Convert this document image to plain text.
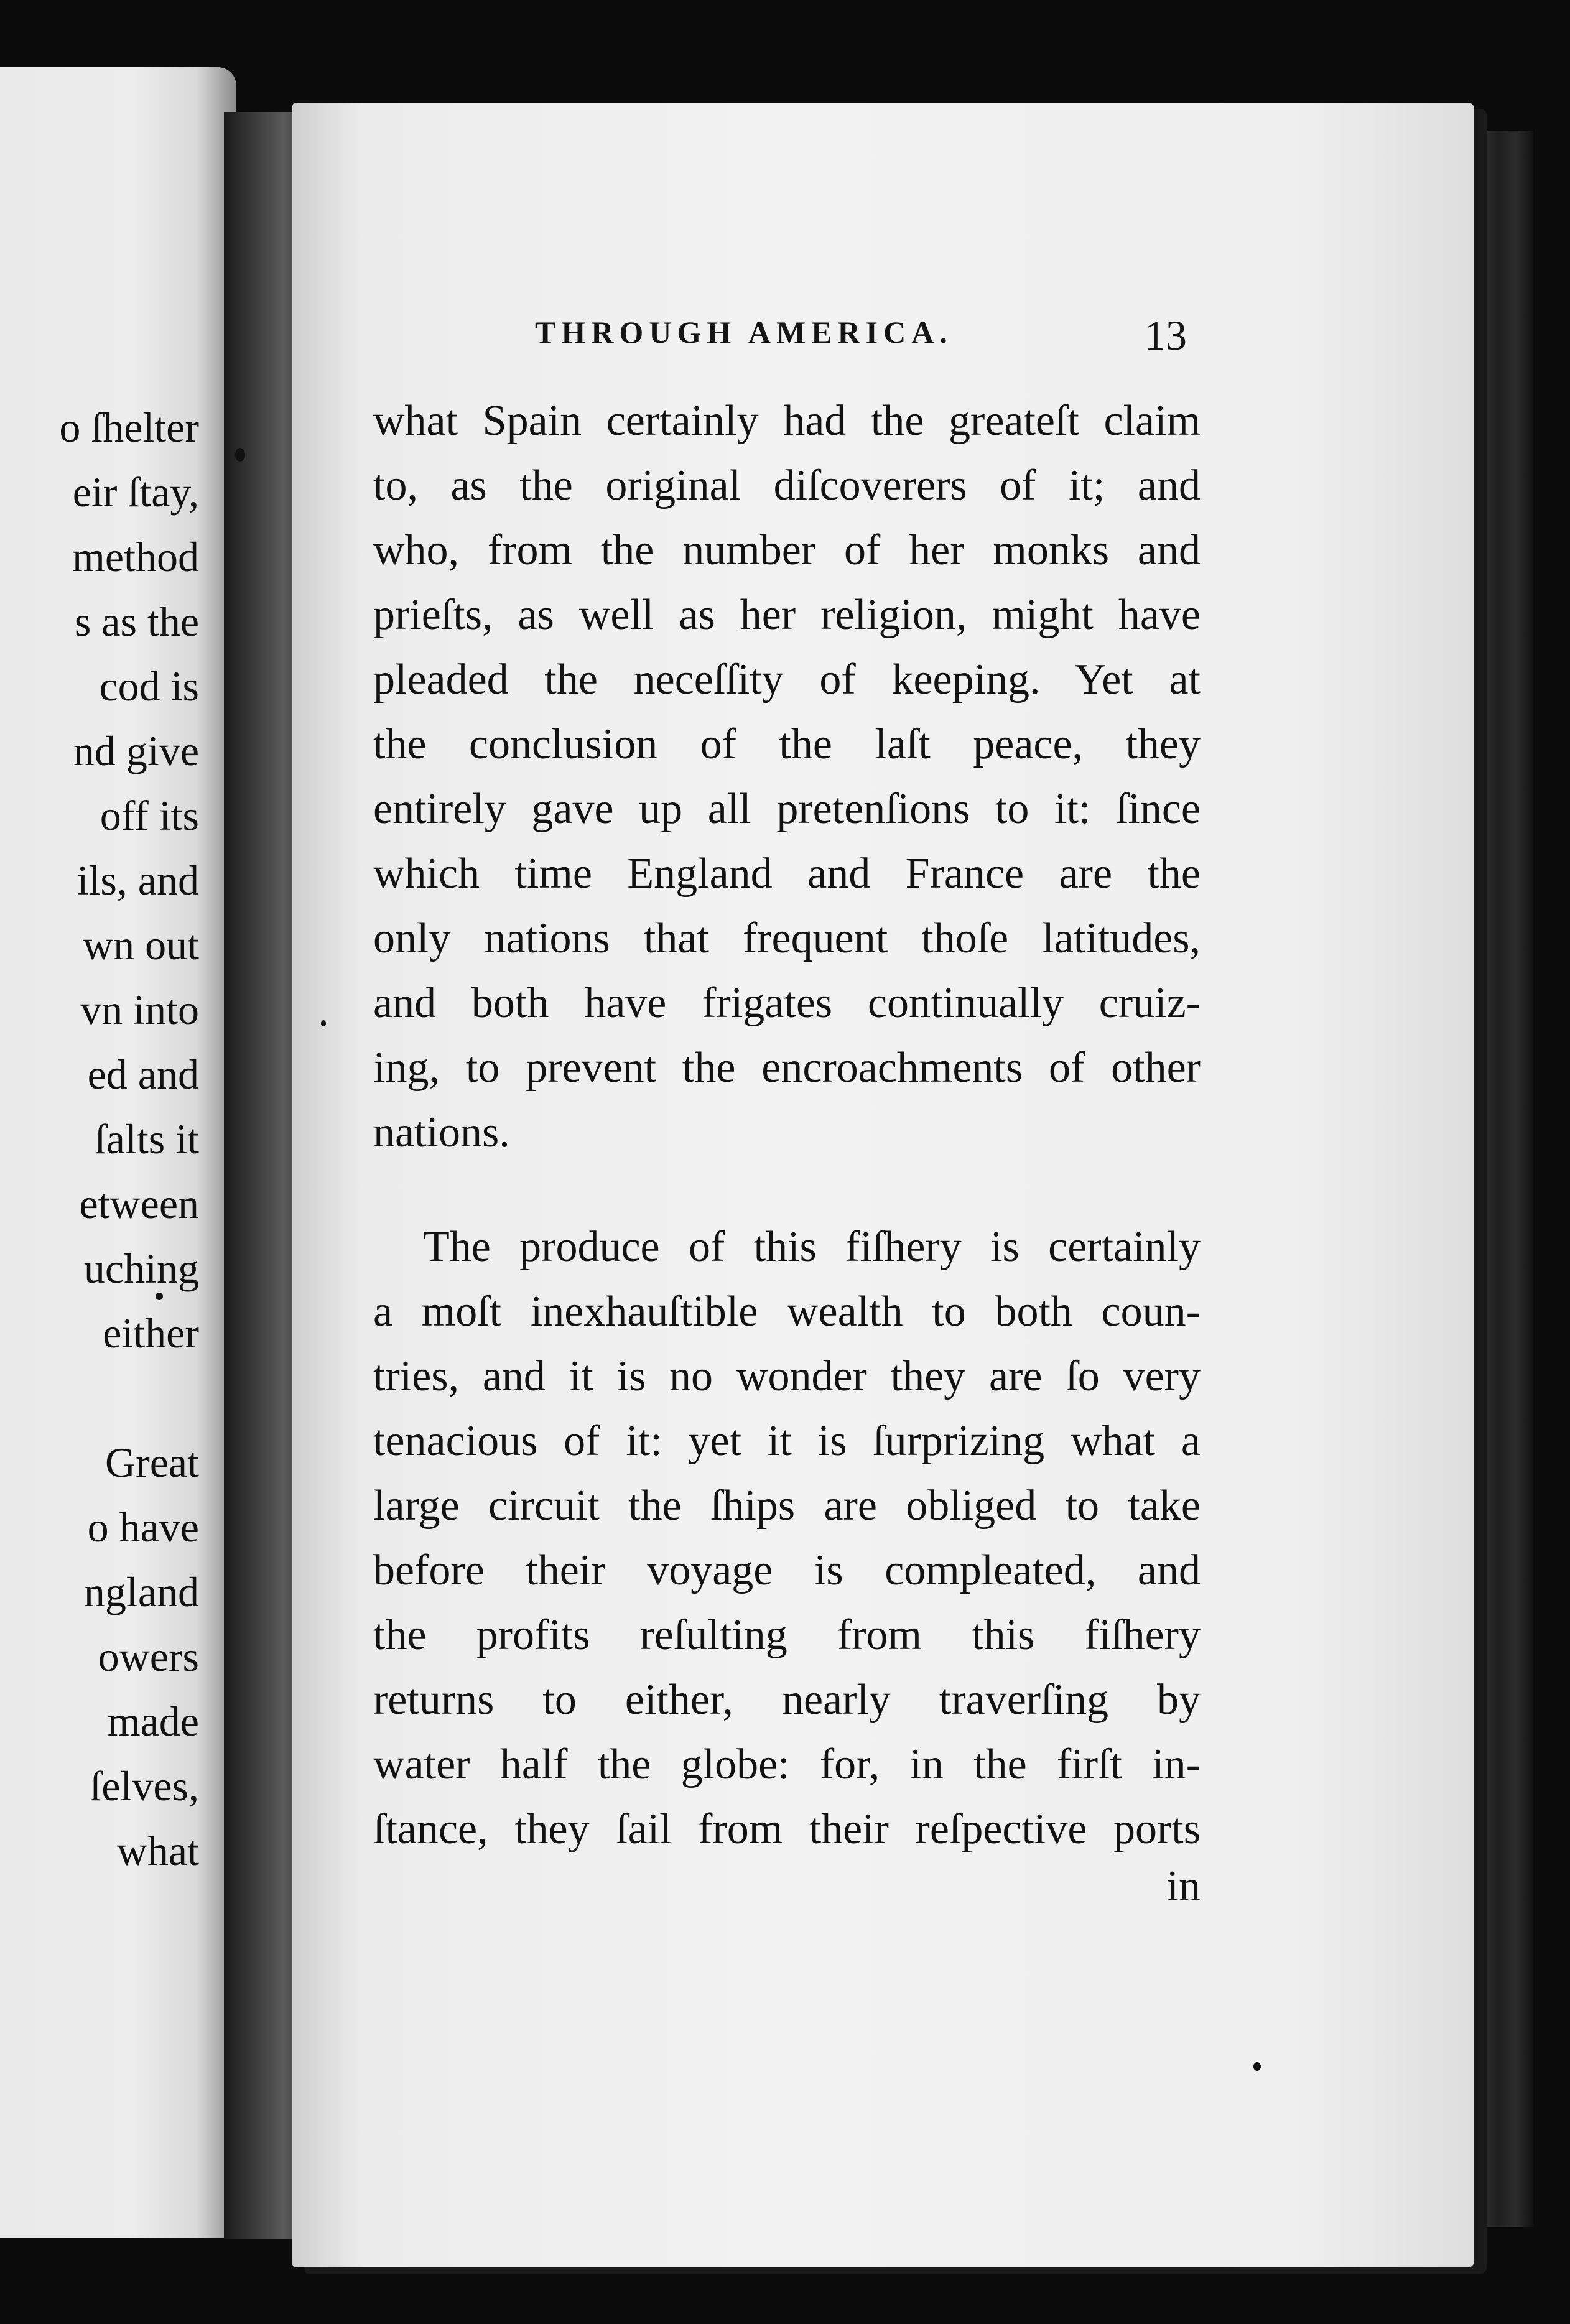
o ſhelter
eir ſtay,
method
s as the
cod is
nd give
off its
ils, and
wn out
vn into
ed and
ſalts it
etween
uching
either
Great
o have
ngland
owers
made
ſelves,
what
THROUGH AMERICA.	13
what Spain certainly had the greateſt claim
to, as the original diſcoverers of it; and
who, from the number of her monks and
prieſts, as well as her religion, might have
pleaded the neceſſity of keeping. Yet at
the conclusion of the laſt peace, they
entirely gave up all pretenſions to it: ſince
which time England and France are the
only nations that frequent thoſe latitudes,
and both have frigates continually cruiz-
ing, to prevent the encroachments of other
nations.
The produce of this fiſhery is certainly
a moſt inexhauſtible wealth to both coun-
tries, and it is no wonder they are ſo very
tenacious of it: yet it is ſurprizing what a
large circuit the ſhips are obliged to take
before their voyage is compleated, and
the profits reſulting from this fiſhery
returns to either, nearly traverſing by
water half the globe: for, in the firſt in-
ſtance, they ſail from their reſpective ports
in
